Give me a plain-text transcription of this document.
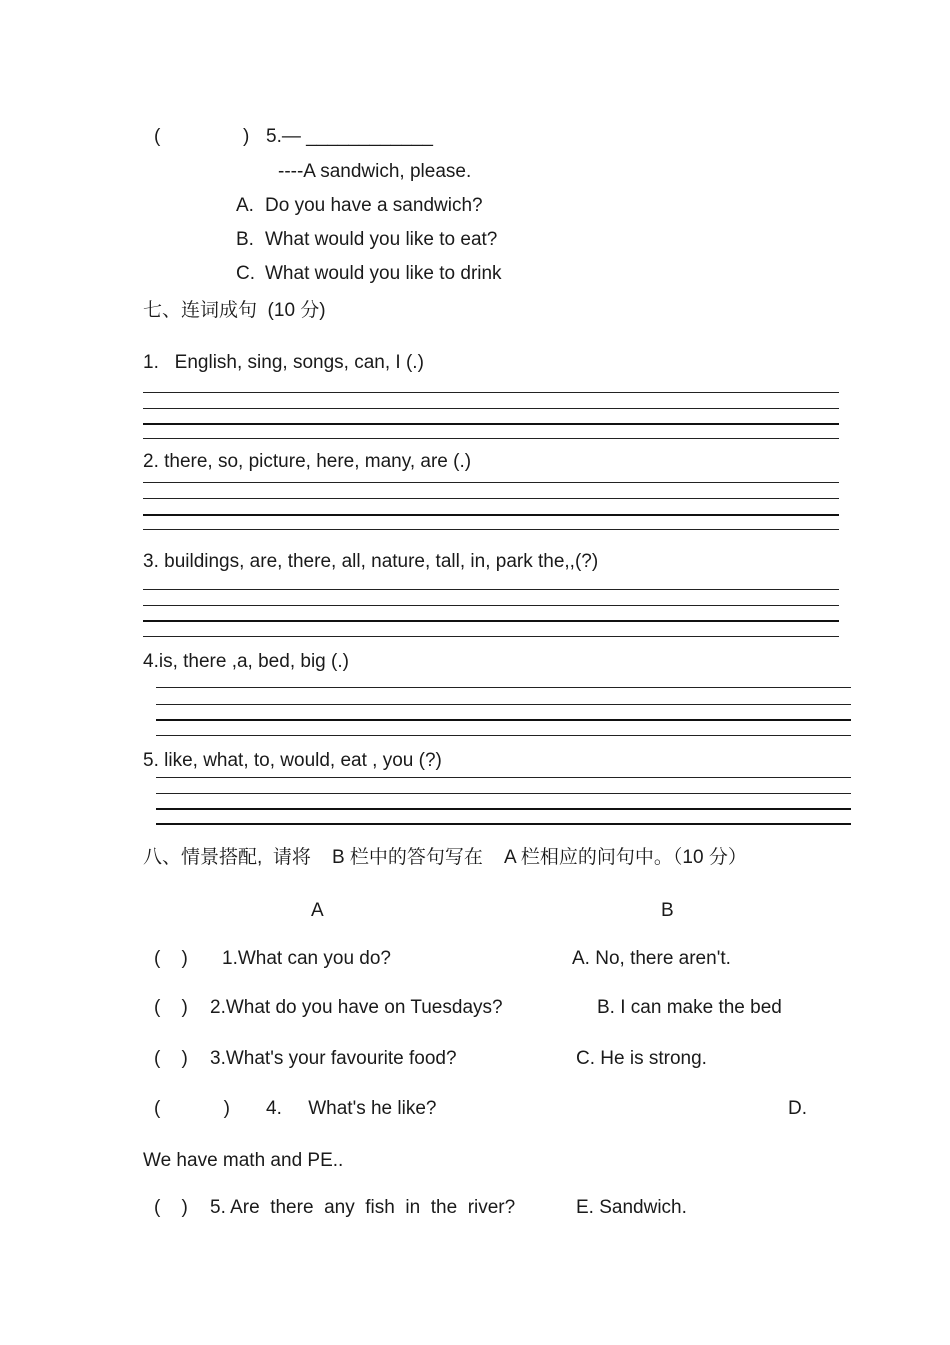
(	) 5.— ____________
----A sandwich, please.
A. Do you have a sandwich?
B. What would you like to eat?
C. What would you like to drink
七、连词成句  (10 分)
1.   English, sing, songs, can, I (.)
2. there, so, picture, here, many, are (.)
3. buildings, are, there, all, nature, tall, in, park the,,(?)
4.is, there ,a, bed, big (.)
5. like, what, to, would, eat , you (?)
八、情景搭配,  请将    B 栏中的答句写在    A 栏相应的问句中。（10 分）
A	B
(    ) 1.What can you do?	A. No, there aren't.
(    ) 2.What do you have on Tuesdays?	B. I can make the bed
(    ) 3.What's your favourite food?	C. He is strong.
(            ) 4.     What's he like?	D.
We have math and PE..
(    ) 5. Are  there  any  fish  in  the  river?	E. Sandwich.
